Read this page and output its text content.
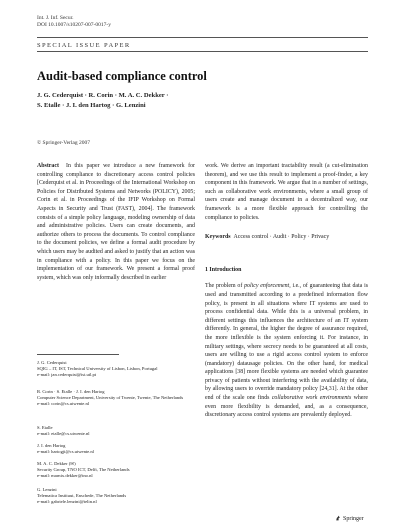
Int. J. Inf. Secur.
DOI 10.1007/s10207-007-0017-y
SPECIAL ISSUE PAPER
Audit-based compliance control
J. G. Cederquist · R. Corin · M. A. C. Dekker ·
S. Etalle · J. I. den Hartog · G. Lenzini
© Springer-Verlag 2007
Abstract In this paper we introduce a new framework for controlling compliance to discretionary access control policies [Cederquist et al. in Proceedings of the International Workshop on Policies for Distributed Systems and Networks (POLICY), 2005; Corin et al. in Proceedings of the IFIP Workshop on Formal Aspects in Security and Trust (FAST), 2004]. The framework consists of a simple policy language, modeling ownership of data and administrative policies. Users can create documents, and authorize others to process the documents. To control compliance to the document policies, we define a formal audit procedure by which users may be audited and asked to justify that an action was in compliance with a policy. In this paper we focus on the implementation of our framework. We present a formal proof system, which was only informally described in earlier
J. G. Cederquist
SQIG – IT, IST, Technical University of Lisbon, Lisbon, Portugal
e-mail: jan.cederquist@ist.utl.pt
R. Corin · S. Etalle · J. I. den Hartog
Computer Science Department, University of Twente, Twente, The Netherlands
e-mail: corin@cs.utwente.nl
S. Etalle
e-mail: etalle@cs.utwente.nl
J. I. den Hartog
e-mail: hartogji@cs.utwente.nl
M. A. C. Dekker (✉)
Security Group, TNO ICT, Delft, The Netherlands
e-mail: marnix.dekker@tno.nl
G. Lenzini
Telematica Instituut, Enschede, The Netherlands
e-mail: gabriele.lenzini@telin.nl
work. We derive an important tractability result (a cut-elimination theorem), and we use this result to implement a proof-finder, a key component in this framework. We argue that in a number of settings, such as collaborative work environments, where a small group of users create and manage document in a decentralized way, our framework is a more flexible approach for controlling the compliance to policies.
Keywords Access control · Audit · Policy · Privacy
1 Introduction
The problem of policy enforcement, i.e., of guaranteeing that data is used and transmitted according to a predefined information flow policy, is present in all situations where IT systems are used to process confidential data. While this is a universal problem, in different settings this influences the architecture of an IT system differently. In general, the higher the degree of assurance required, the more inflexible is the system enforcing it. For instance, in military settings, where secrecy needs to be guaranteed at all costs, users are willing to use a rigid access control system to enforce (mandatory) datausage policies. On the other hand, for medical applications [38] more flexible systems are needed which guarantee privacy of patients without interfering with the availability of data, by allowing users to override mandatory policy [24,31]. At the other end of the scale one finds collaborative work environments where even more flexibility is demanded, and, as a consequence, discretionary access control systems are prevalently deployed.
Springer
